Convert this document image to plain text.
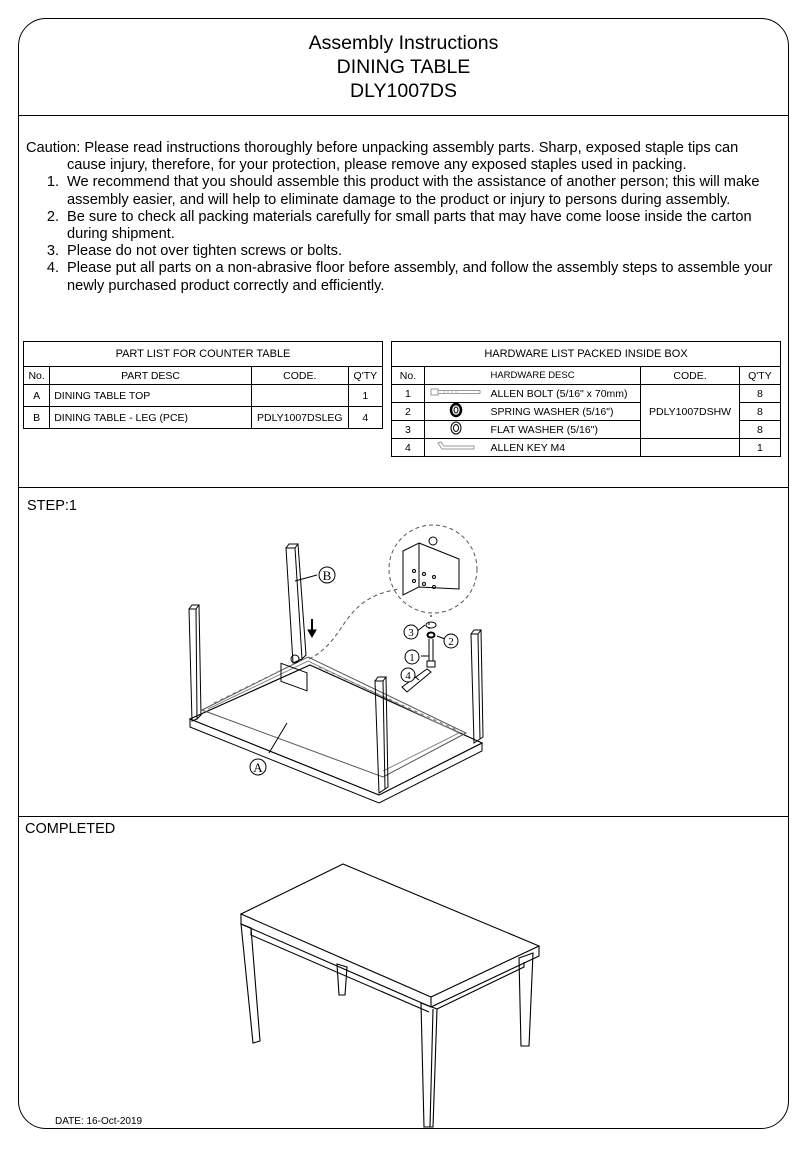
Assembly Instructions
DINING TABLE
DLY1007DS

Caution: Please read instructions thoroughly before unpacking assembly parts. Sharp, exposed staple tips can

cause injury, therefore, for your protection, please remove any exposed staples used in packing.

1. We recommend that you should assemble this product with the assistance of another person; this will make
assembly easier, and will help to eliminate damage to the product or injury to persons during assembly.
2. Be sure to check all packing materials carefully for small parts that may have come loose inside the carton
during shipment.
3. Please do not over tighten screws or bolts.
4. Please put all parts on a non-abrasive floor before assembly, and follow the assembly steps to assemble your
newly purchased product correctly and efficiently.
PART LIST FOR COUNTER TABLE			
No.	PART DESC	CODE.	Q'TY
A	DINING TABLE TOP		1
B	DINING TABLE - LEG (PCE)	PDLY1007DSLEG	4
HARDWARE LIST PACKED INSIDE BOX				
No.	HARDWARE DESC		CODE.	Q'TY
1		ALLEN BOLT (5/16" x 70mm)	PDLY1007DSHW	8
2		SPRING WASHER (5/16")		8
3		FLAT WASHER (5/16")		8
4		ALLEN KEY M4		1
STEP:1
B
A
1
2
3
4
COMPLETED
DATE: 16-Oct-2019
